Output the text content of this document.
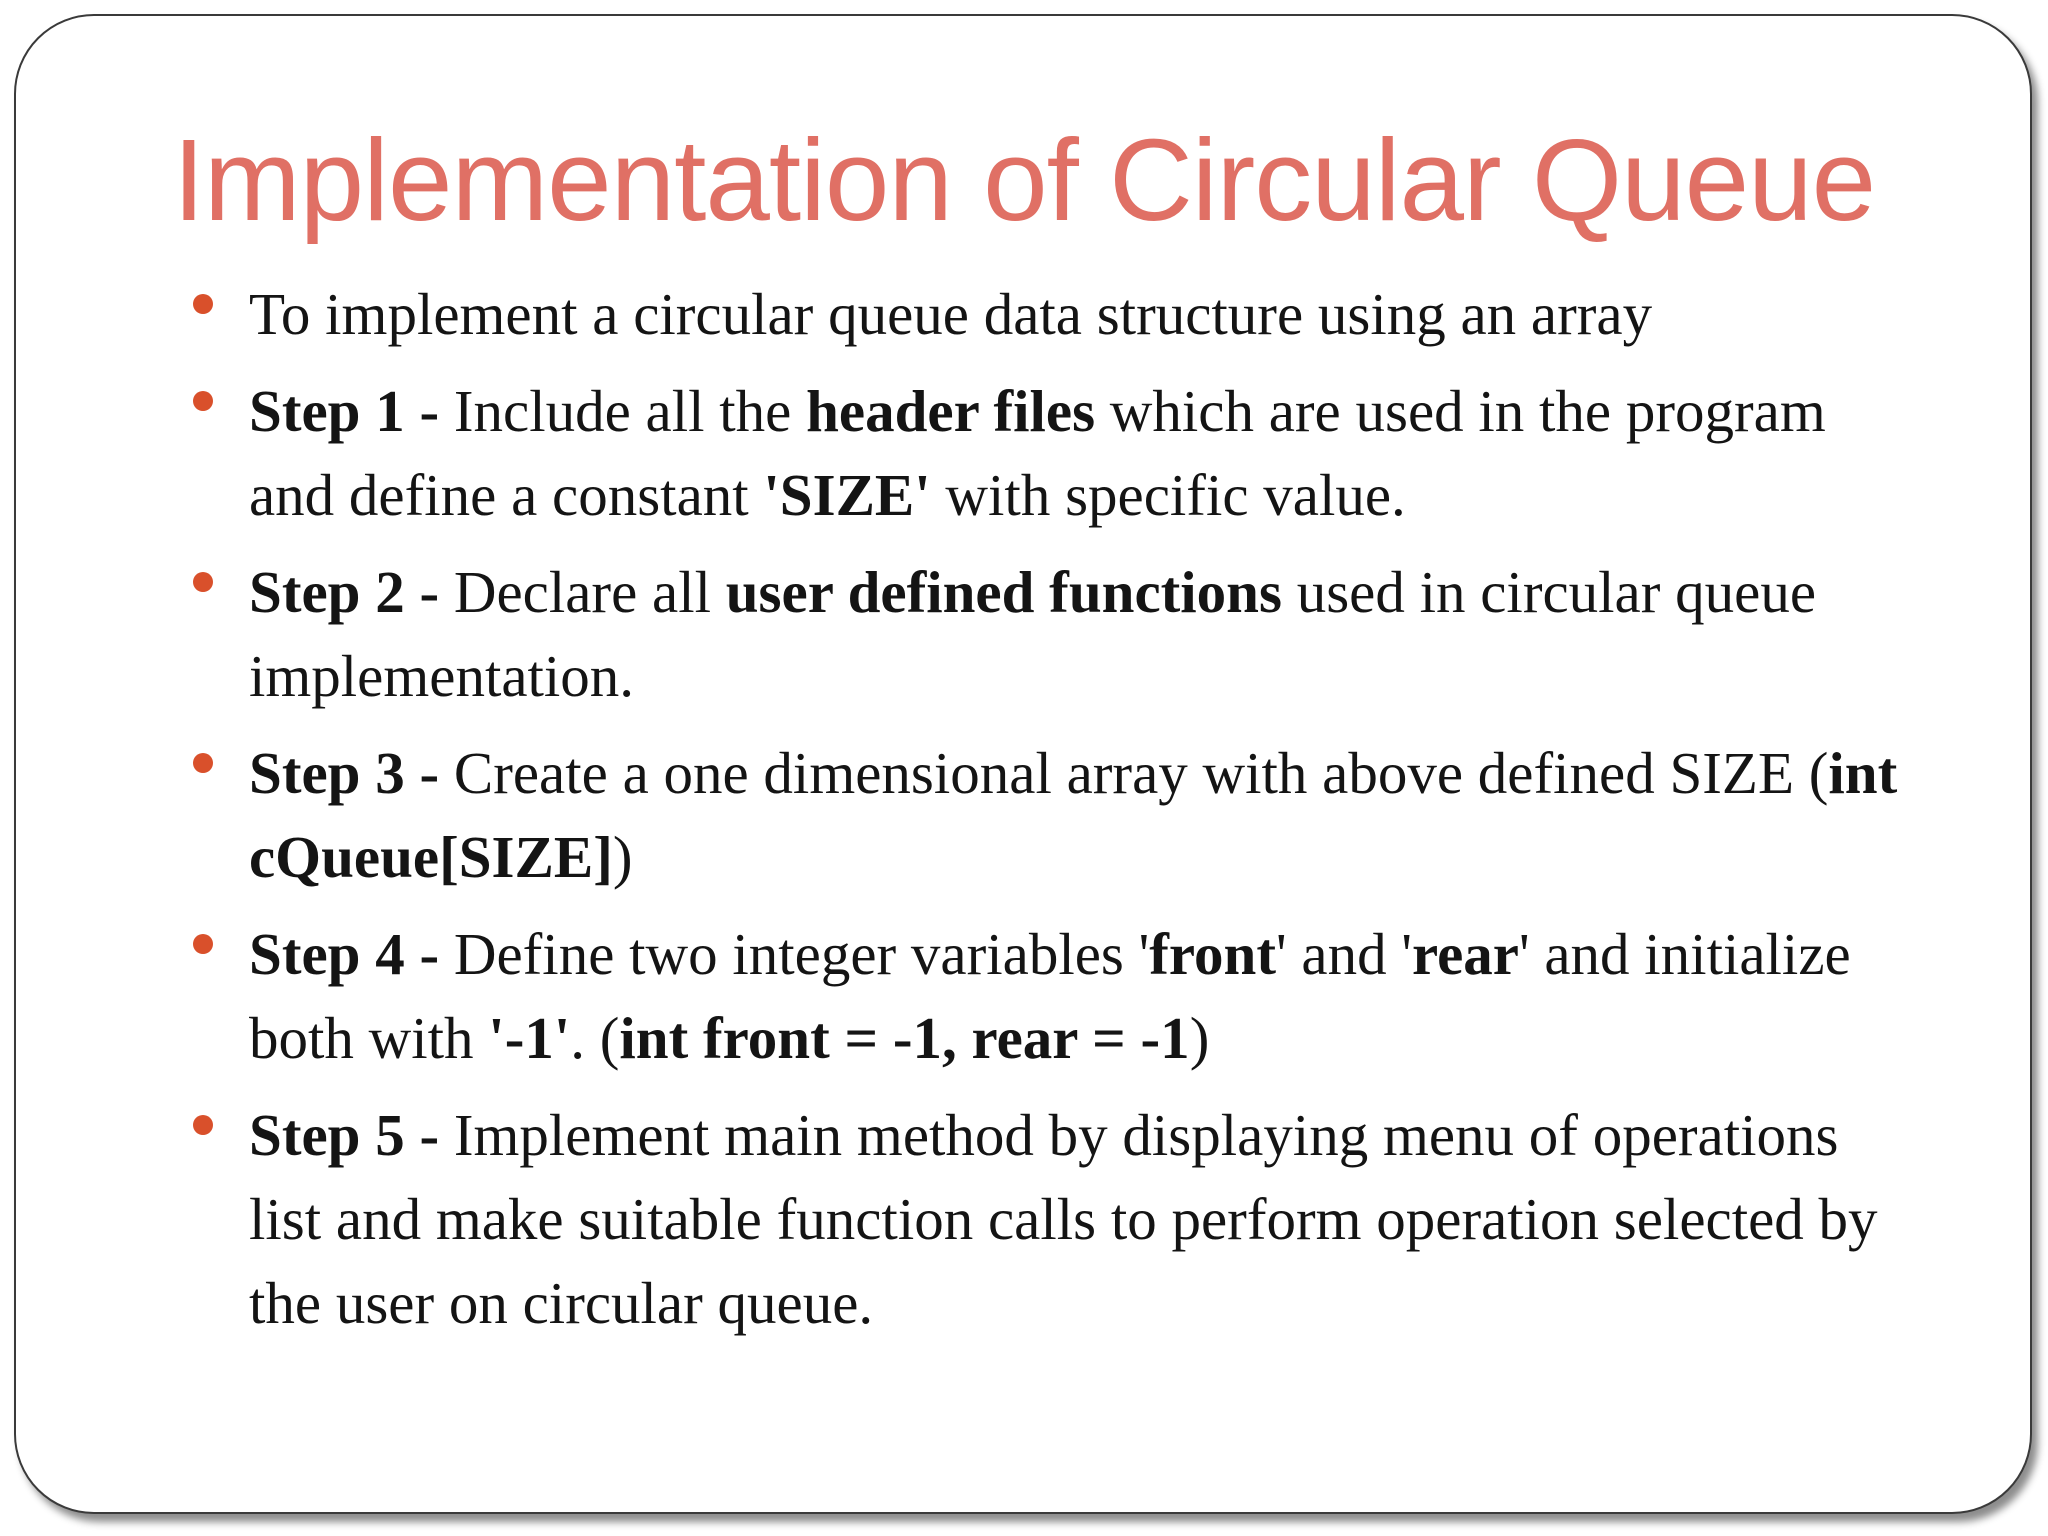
Implementation of Circular Queue
To implement a circular queue data structure using an array
Step 1 - Include all the header files which are used in the program and define a constant 'SIZE' with specific value.
Step 2 - Declare all user defined functions used in circular queue implementation.
Step 3 - Create a one dimensional array with above defined SIZE (int cQueue[SIZE])
Step 4 - Define two integer variables 'front' and 'rear' and initialize both with '-1'. (int front = -1, rear = -1)
Step 5 - Implement main method by displaying menu of operations list and make suitable function calls to perform operation selected by the user on circular queue.
